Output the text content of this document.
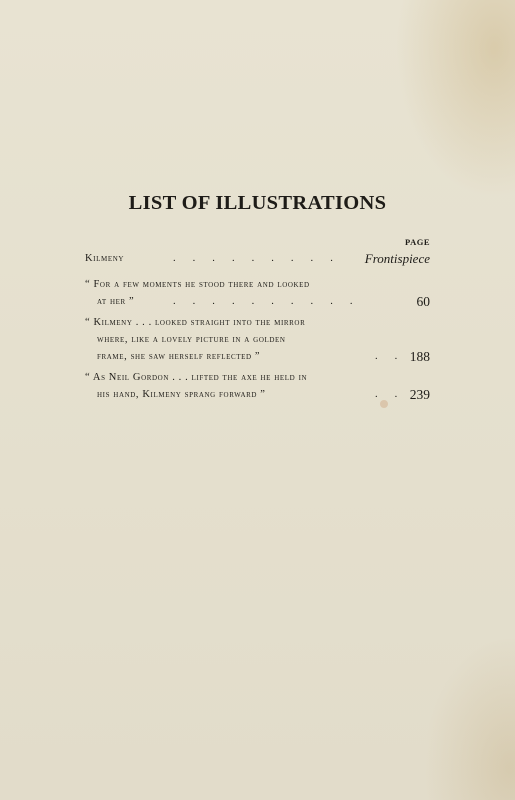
LIST OF ILLUSTRATIONS
PAGE
Kilmeny	. . . . . . . . . Frontispiece
“ For a few moments he stood there and looked
at her ”	. . . . . . . . . .	60
“ Kilmeny . . . looked straight into the mirror
where, like a lovely picture in a golden
frame, she saw herself reflected ”	. . 188
“ As Neil Gordon . . . lifted the axe he held in
his hand, Kilmeny sprang forward ”	. . 239
